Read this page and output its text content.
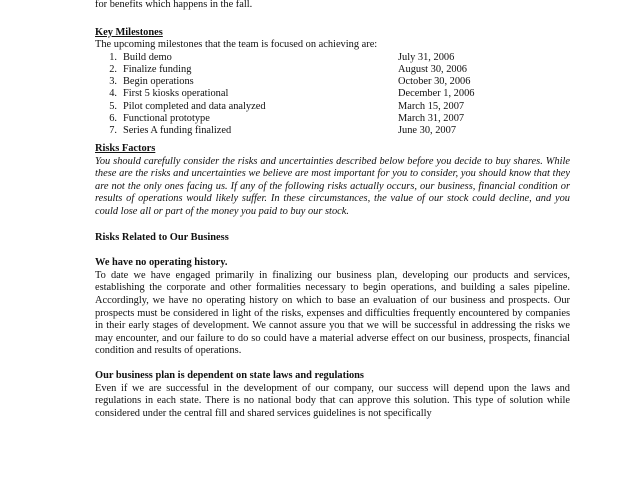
for benefits which happens in the fall.
Key Milestones
The upcoming milestones that the team is focused on achieving are:
1. Build demo	July 31, 2006
2. Finalize funding	August 30, 2006
3. Begin operations	October 30, 2006
4. First 5 kiosks operational	December 1, 2006
5. Pilot completed and data analyzed	March 15, 2007
6. Functional prototype	March 31, 2007
7. Series A funding finalized	June 30, 2007
Risks Factors
You should carefully consider the risks and uncertainties described below before you decide to buy shares. While these are the risks and uncertainties we believe are most important for you to consider, you should know that they are not the only ones facing us. If any of the following risks actually occurs, our business, financial condition or results of operations would likely suffer. In these circumstances, the value of our stock could decline, and you could lose all or part of the money you paid to buy our stock.
Risks Related to Our Business
We have no operating history.
To date we have engaged primarily in finalizing our business plan, developing our products and services, establishing the corporate and other formalities necessary to begin operations, and building a sales pipeline. Accordingly, we have no operating history on which to base an evaluation of our business and prospects. Our prospects must be considered in light of the risks, expenses and difficulties frequently encountered by companies in their early stages of development. We cannot assure you that we will be successful in addressing the risks we may encounter, and our failure to do so could have a material adverse effect on our business, prospects, financial condition and results of operations.
Our business plan is dependent on state laws and regulations
Even if we are successful in the development of our company, our success will depend upon the laws and regulations in each state. There is no national body that can approve this solution. This type of solution while considered under the central fill and shared services guidelines is not specifically
